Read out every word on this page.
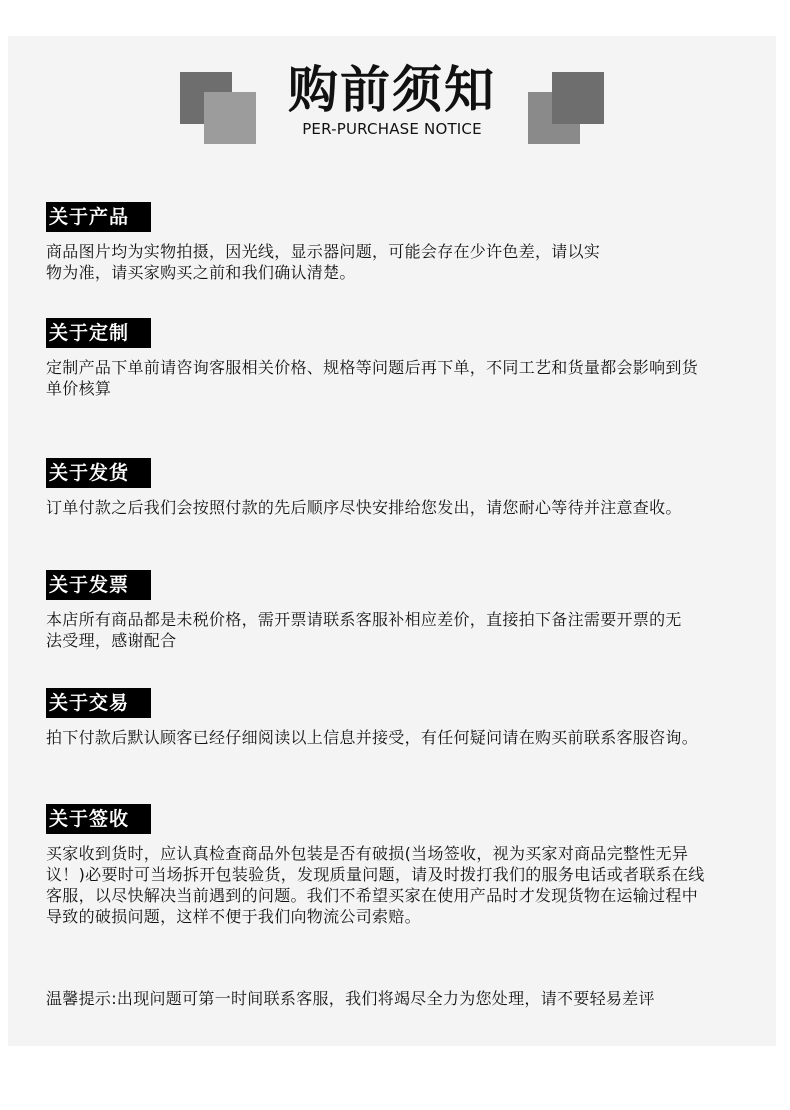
购前须知
PER-PURCHASE NOTICE
关于产品
商品图片均为实物拍摄，因光线，显示器问题，可能会存在少许色差，请以实物为准，请买家购买之前和我们确认清楚。
关于定制
定制产品下单前请咨询客服相关价格、规格等问题后再下单，不同工艺和货量都会影响到货单价核算
关于发货
订单付款之后我们会按照付款的先后顺序尽快安排给您发出，请您耐心等待并注意查收。
关于发票
本店所有商品都是未税价格，需开票请联系客服补相应差价，直接拍下备注需要开票的无法受理，感谢配合
关于交易
拍下付款后默认顾客已经仔细阅读以上信息并接受，有任何疑问请在购买前联系客服咨询。
关于签收
买家收到货时，应认真检查商品外包装是否有破损(当场签收，视为买家对商品完整性无异议！)必要时可当场拆开包装验货，发现质量问题，请及时拨打我们的服务电话或者联系在线客服，以尽快解决当前遇到的问题。我们不希望买家在使用产品时才发现货物在运输过程中导致的破损问题，这样不便于我们向物流公司索赔。
温馨提示:出现问题可第一时间联系客服，我们将竭尽全力为您处理，请不要轻易差评
